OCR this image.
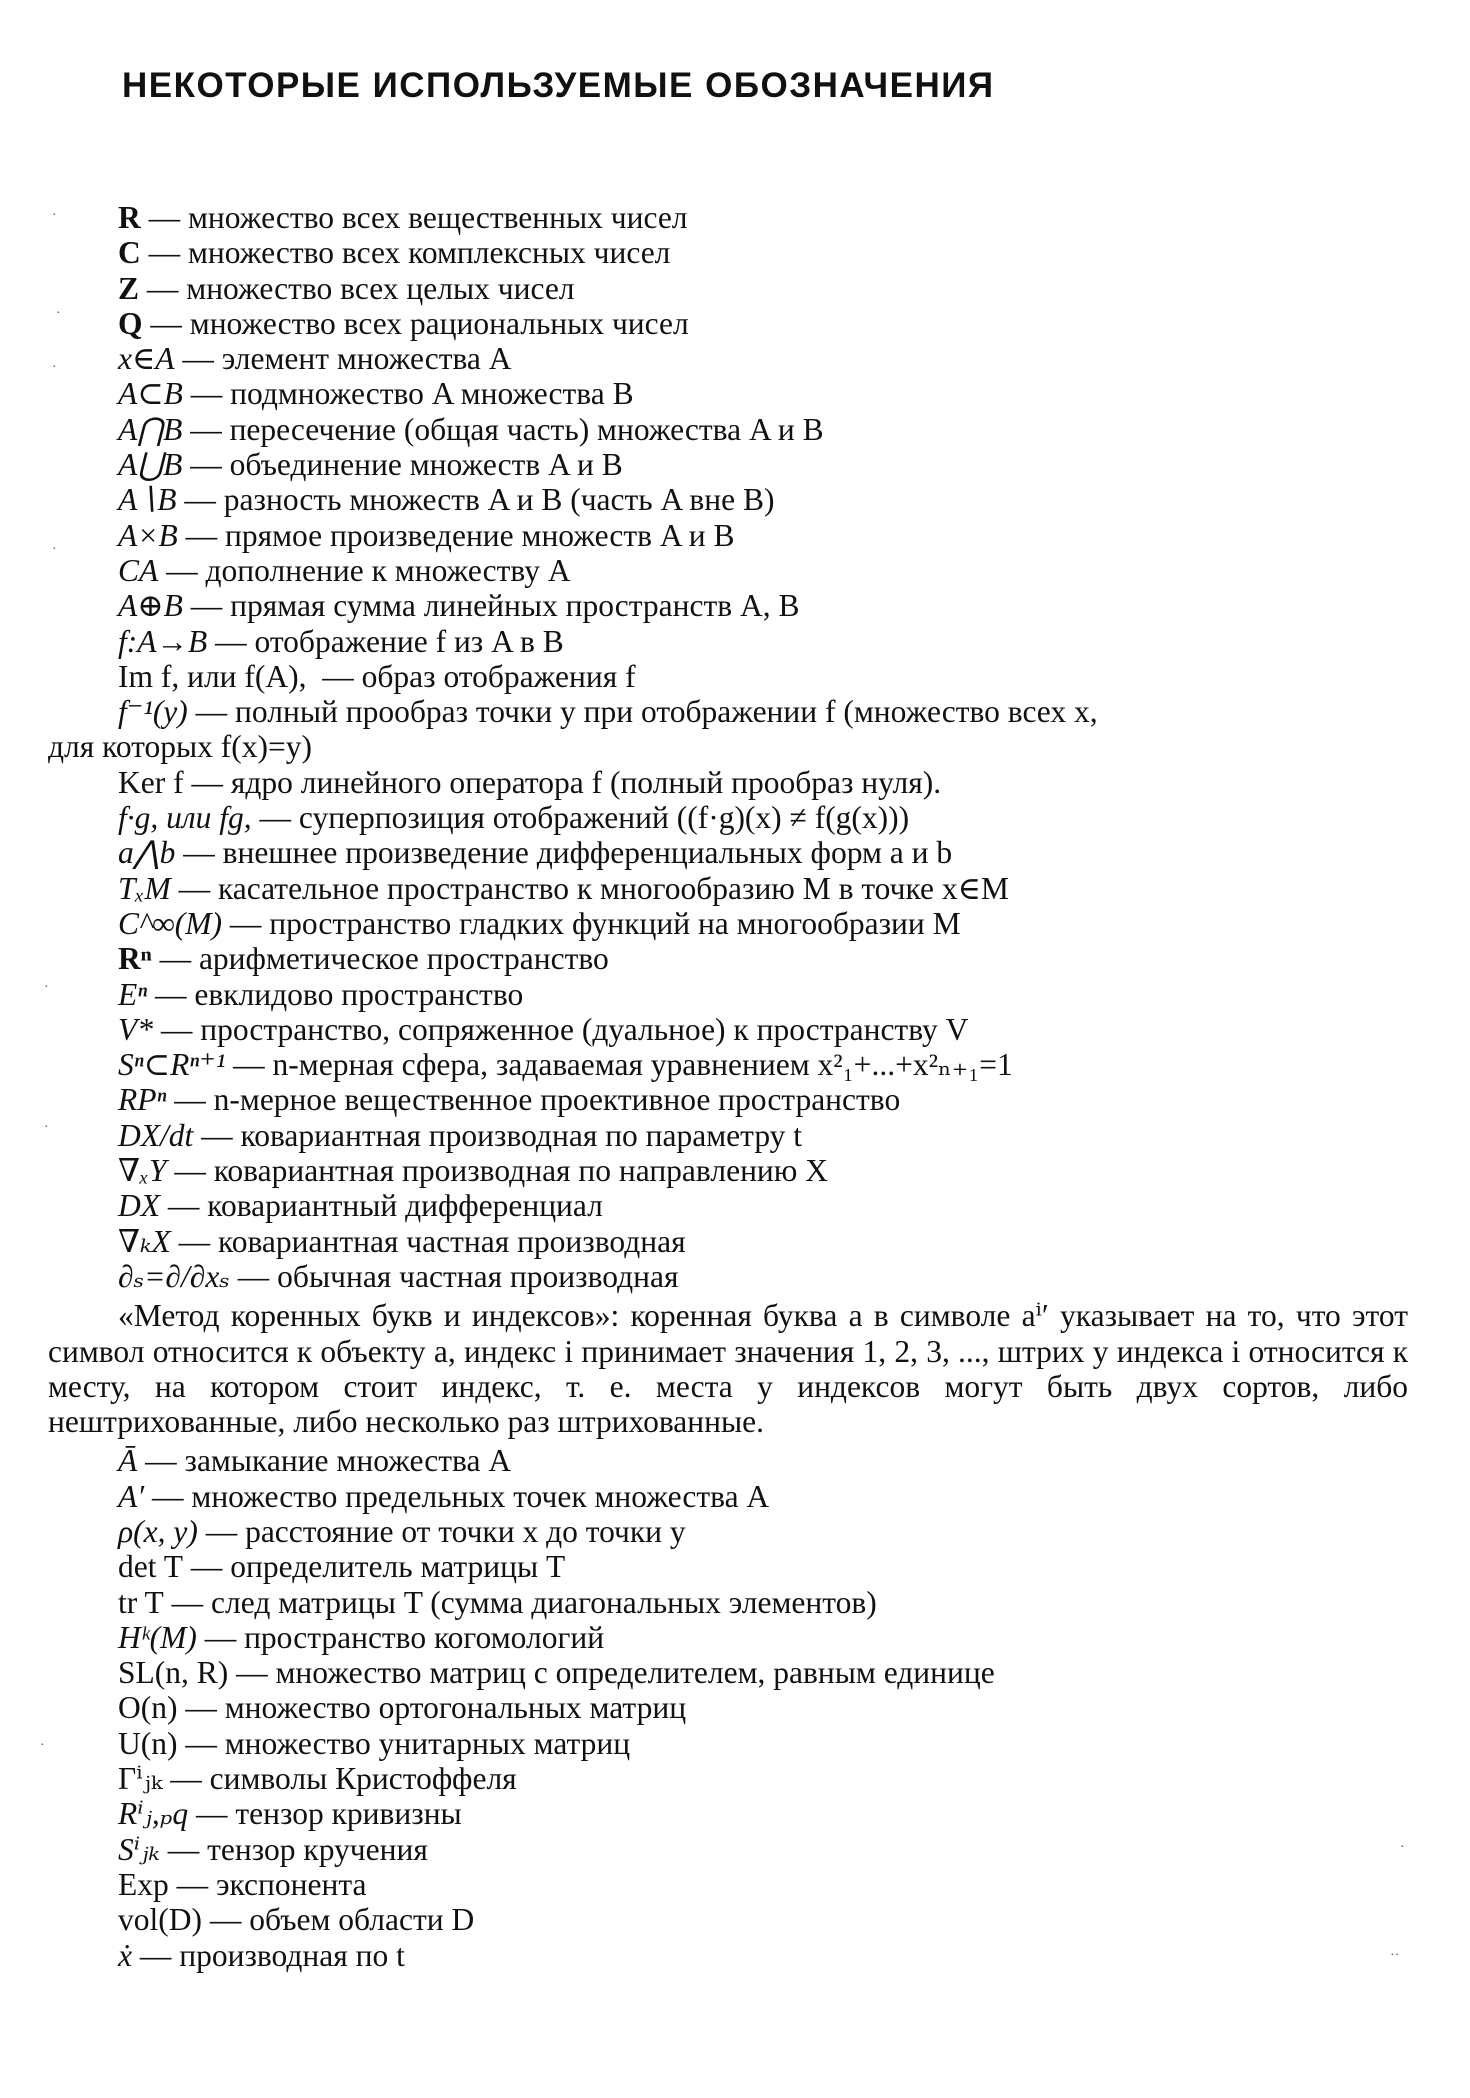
НЕКОТОРЫЕ ИСПОЛЬЗУЕМЫЕ ОБОЗНАЧЕНИЯ
R — множество всех вещественных чисел
C — множество всех комплексных чисел
Z — множество всех целых чисел
Q — множество всех рациональных чисел
x∈A — элемент множества A
A⊂B — подмножество A множества B
A⋂B — пересечение (общая часть) множества A и B
A⋃B — объединение множеств A и B
A∖B — разность множеств A и B (часть A вне B)
A×B — прямое произведение множеств A и B
CA — дополнение к множеству A
A⊕B — прямая сумма линейных пространств A, B
f:A→B — отображение f из A в B
Im f, или f(A), — образ отображения f
f⁻¹(y) — полный прообраз точки y при отображении f (множество всех x,
для которых f(x)=y)
Ker f — ядро линейного оператора f (полный прообраз нуля).
f·g, или fg, — суперпозиция отображений ((f·g)(x) ≠ f(g(x)))
a⋀b — внешнее произведение дифференциальных форм a и b
TₓM — касательное пространство к многообразию M в точке x∈M
C^∞(M) — пространство гладких функций на многообразии M
Rⁿ — арифметическое пространство
Eⁿ — евклидово пространство
V* — пространство, сопряженное (дуальное) к пространству V
Sⁿ⊂Rⁿ⁺¹ — n-мерная сфера, задаваемая уравнением x²₁+...+x²ₙ₊₁=1
RPⁿ — n-мерное вещественное проективное пространство
DX/dt — ковариантная производная по параметру t
∇ₓY — ковариантная производная по направлению X
DX — ковариантный дифференциал
∇ₖX — ковариантная частная производная
∂ₛ=∂/∂xₛ — обычная частная производная
«Метод коренных букв и индексов»: коренная буква a в символе aⁱ′ указывает на то, что этот символ относится к объекту a, индекс i принимает значения 1, 2, 3, ..., штрих у индекса i относится к месту, на котором стоит индекс, т. е. места у индексов могут быть двух сортов, либо нештрихованные, либо несколько раз штрихованные.
Ā — замыкание множества A
A′ — множество предельных точек множества A
ρ(x, y) — расстояние от точки x до точки y
det T — определитель матрицы T
tr T — след матрицы T (сумма диагональных элементов)
Hᵏ(M) — пространство когомологий
SL(n, R) — множество матриц с определителем, равным единице
O(n) — множество ортогональных матриц
U(n) — множество унитарных матриц
Γⁱⱼₖ — символы Кристоффеля
Rⁱⱼ,ₚq — тензор кривизны
Sⁱⱼₖ — тензор кручения
Exp — экспонента
vol(D) — объем области D
ẋ — производная по t
·
·
·
·
·
·
·
·
··
